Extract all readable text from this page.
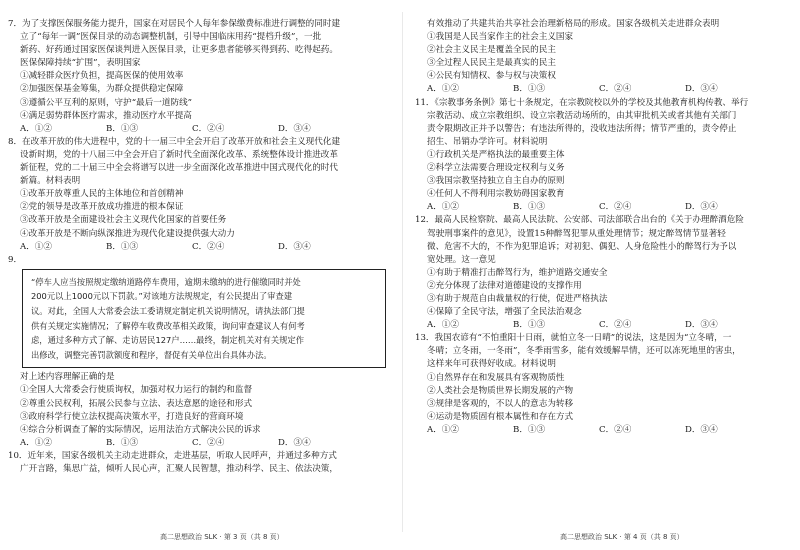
7．为了支撑医保服务能力提升，国家在对居民个人每年参保缴费标准进行调整的同时建

立了“每年一调”医保目录的动态调整机制，引导中国临床用药“提档升级”，一批

新药、好药通过国家医保谈判进入医保目录，让更多患者能够买得到药、吃得起药。

医保保障持续“扩围”，表明国家

①减轻群众医疗负担，提高医保的使用效率

②加强医保基金筹集，为群众提供稳定保障

③遵循公平互利的原则，守护“最后一道防线”

④满足弱势群体医疗需求，推动医疗水平提高

A．①②	B．①③	C．②④	D．③④

8．在改革开放的伟大进程中，党的十一届三中全会开启了改革开放和社会主义现代化建

设新时期，党的十八届三中全会开启了新时代全面深化改革、系统整体设计推进改革

新征程，党的二十届三中全会将谱写以进一步全面深化改革推进中国式现代化的时代

新篇。材料表明

①改革开放尊重人民的主体地位和首创精神

②党的领导是改革开放成功推进的根本保证

③改革开放是全面建设社会主义现代化国家的首要任务

④改革开放是不断向纵深推进为现代化建设提供强大动力

A．①②	B．①③	C．②④	D．③④

9．

“停车人应当按照规定缴纳道路停车费用，逾期未缴纳的进行催缴同时并处
200元以上1000元以下罚款。”对该地方法规规定，有公民提出了审查建
议。对此，全国人大常委会法工委请规定制定机关说明情况，请执法部门提
供有关规定实施情况；了解停车收费改革相关政策，询问审查建议人有何考
虑，通过多种方式了解、走访居民127户……最终，制定机关对有关规定作
出修改，调整完善罚款额度和程序，督促有关单位出台具体办法。

对上述内容理解正确的是

①全国人大常委会行使质询权，加强对权力运行的制约和监督

②尊重公民权利，拓展公民参与立法、表达意愿的途径和形式

③政府科学行使立法权提高决策水平，打造良好的营商环境

④综合分析调查了解的实际情况，运用法治方式解决公民的诉求

A．①②	B．①③	C．②④	D．③④

10．近年来，国家各级机关主动走进群众，走进基层，听取人民呼声，并通过多种方式

广开言路，集思广益，倾听人民心声，汇聚人民智慧，推动科学、民主、依法决策，

高二思想政治 SLK · 第 3 页（共 8 页）

有效推动了共建共治共享社会治理新格局的形成。国家各级机关走进群众表明

①我国是人民当家作主的社会主义国家

②社会主义民主是覆盖全民的民主

③全过程人民民主是最真实的民主

④公民有知情权、参与权与决策权

A．①②	B．①③	C．②④	D．③④

11．《宗教事务条例》第七十条规定，在宗教院校以外的学校及其他教育机构传教、举行

宗教活动、成立宗教组织、设立宗教活动场所的，由其审批机关或者其他有关部门

责令限期改正并予以警告；有违法所得的，没收违法所得；情节严重的，责令停止

招生、吊销办学许可。材料说明

①行政机关是严格执法的最重要主体

②科学立法需要合理设定权利与义务

③我国宗教坚持独立自主自办的原则

④任何人不得利用宗教妨碍国家教育

A．①②	B．①③	C．②④	D．③④

12．最高人民检察院、最高人民法院、公安部、司法部联合出台的《关于办理醉酒危险

驾驶刑事案件的意见》，设置15种醉驾犯罪从重处理情节；规定醉驾情节显著轻

微、危害不大的，不作为犯罪追诉；对初犯、偶犯、人身危险性小的醉驾行为予以

宽处理。这一意见

①有助于精准打击醉驾行为，维护道路交通安全

②充分体现了法律对道德建设的支撑作用

③有助于规范自由裁量权的行使，促进严格执法

④保障了全民守法，增强了全民法治观念

A．①②	B．①③	C．②④	D．③④

13．我国农谚有“不怕重阳十日雨，就怕立冬一日晴”的说法，这是因为“立冬晴，一

冬晴；立冬雨，一冬雨”，冬季雨雪多，能有效缓解旱情，还可以冻死地里的害虫，

这样来年可获得好收成。材料说明

①自然界存在和发展具有客观物质性

②人类社会是物质世界长期发展的产物

③规律是客观的，不以人的意志为转移

④运动是物质固有根本属性和存在方式

A．①②	B．①③	C．②④	D．③④
高二思想政治 SLK · 第 4 页（共 8 页）
